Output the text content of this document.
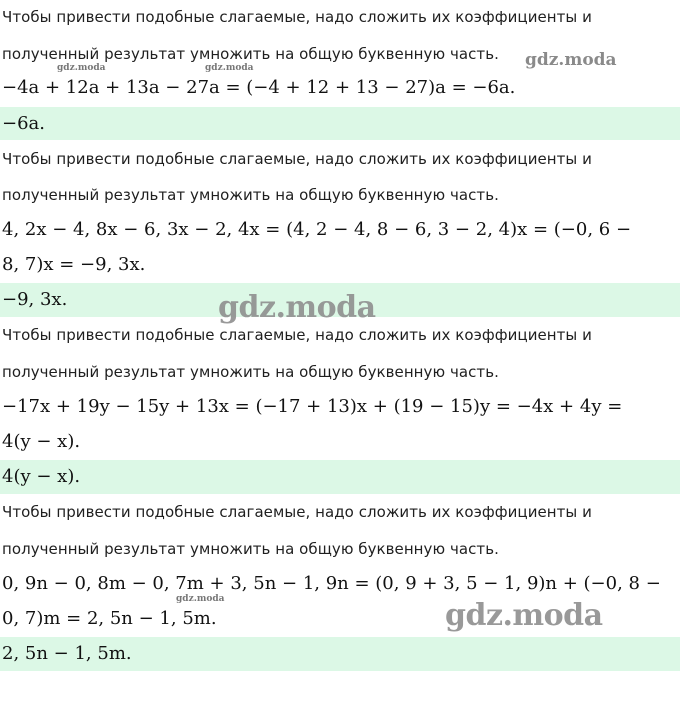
Чтобы привести подобные слагаемые, надо сложить их коэффициенты и
полученный результат умножить на общую буквенную часть.
−4a + 12a + 13a − 27a = (−4 + 12 + 13 − 27)a = −6a.
−6a.
Чтобы привести подобные слагаемые, надо сложить их коэффициенты и
полученный результат умножить на общую буквенную часть.
4, 2x − 4, 8x − 6, 3x − 2, 4x = (4, 2 − 4, 8 − 6, 3 − 2, 4)x = (−0, 6 −
8, 7)x = −9, 3x.
−9, 3x.
Чтобы привести подобные слагаемые, надо сложить их коэффициенты и
полученный результат умножить на общую буквенную часть.
−17x + 19y − 15y + 13x = (−17 + 13)x + (19 − 15)y = −4x + 4y =
4(y − x).
4(y − x).
Чтобы привести подобные слагаемые, надо сложить их коэффициенты и
полученный результат умножить на общую буквенную часть.
0, 9n − 0, 8m − 0, 7m + 3, 5n − 1, 9n = (0, 9 + 3, 5 − 1, 9)n + (−0, 8 −
0, 7)m = 2, 5n − 1, 5m.
2, 5n − 1, 5m.
gdz.moda	gdz.moda	gdz.moda
gdz.moda
gdz.moda	gdz.moda
